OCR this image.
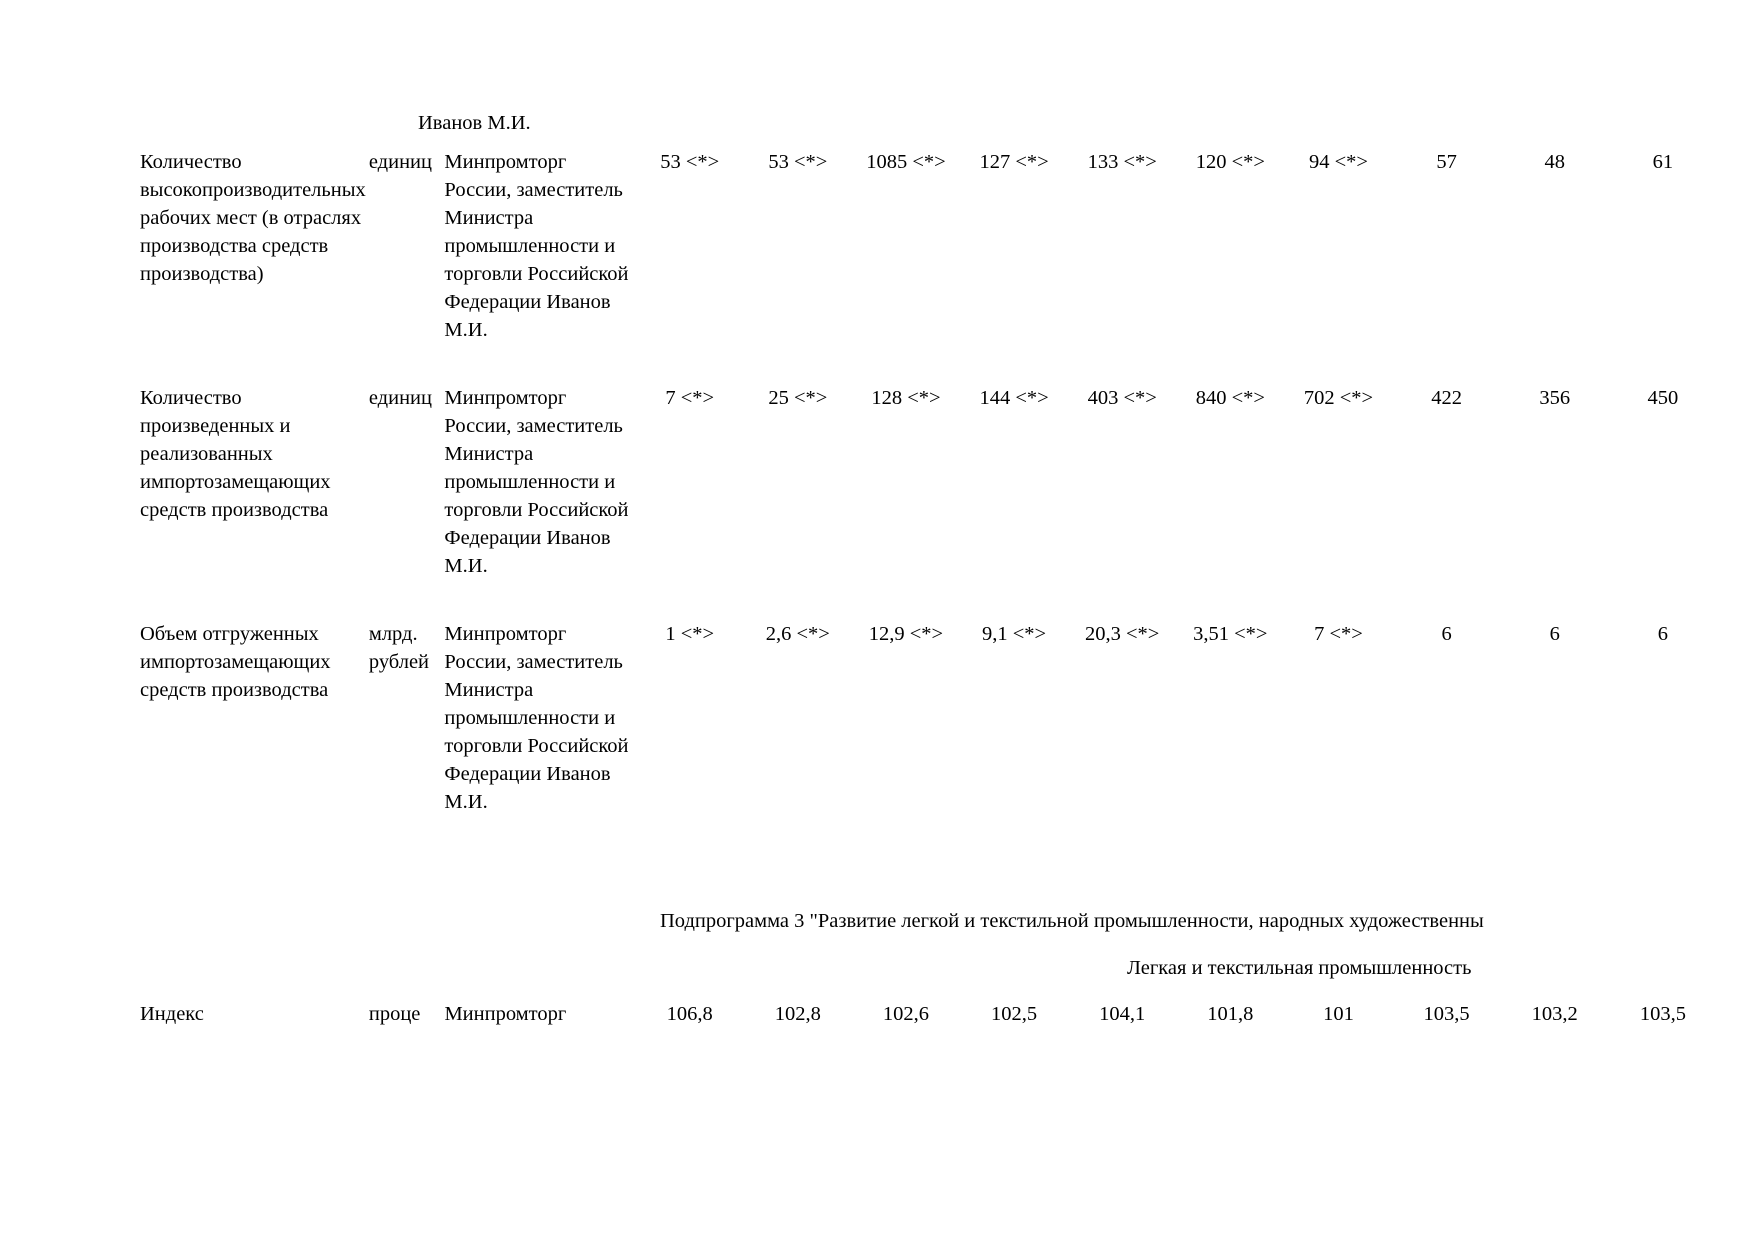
Иванов М.И.

Количество высокопроизводительных рабочих мест (в отраслях производства средств производства)	единиц	Минпромторг России, заместитель Министра промышленности и торговли Российской Федерации Иванов М.И.	53 <*>	53 <*>	1085 <*>	127 <*>	133 <*>	120 <*>	94 <*>	57	48	61

Количество произведенных и реализованных импортозамещающих средств производства	единиц	Минпромторг России, заместитель Министра промышленности и торговли Российской Федерации Иванов М.И.	7 <*>	25 <*>	128 <*>	144 <*>	403 <*>	840 <*>	702 <*>	422	356	450

Объем отгруженных импортозамещающих средств производства	млрд. рублей	Минпромторг России, заместитель Министра промышленности и торговли Российской Федерации Иванов М.И.	1 <*>	2,6 <*>	12,9 <*>	9,1 <*>	20,3 <*>	3,51 <*>	7 <*>	6	6	6
Подпрограмма 3 "Развитие легкой и текстильной промышленности, народных художественны
Легкая и текстильная промышленность
Индекс	проце	Минпромторг	106,8	102,8	102,6	102,5	104,1	101,8	101	103,5	103,2	103,5
